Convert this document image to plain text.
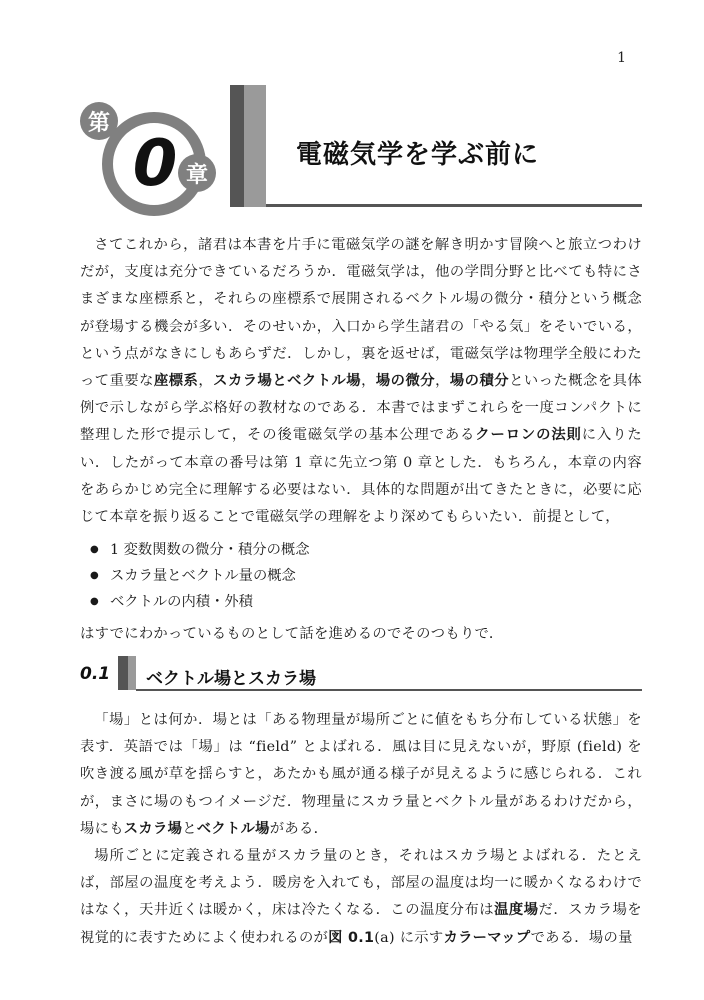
1
0
第
章
電磁気学を学ぶ前に

さてこれから，諸君は本書を片手に電磁気学の謎を解き明かす冒険へと旅立つわけだが，支度は充分できているだろうか．電磁気学は，他の学問分野と比べても特にさまざまな座標系と，それらの座標系で展開されるベクトル場の微分・積分という概念が登場する機会が多い．そのせいか，入口から学生諸君の「やる気」をそいでいる，という点がなきにしもあらずだ．しかし，裏を返せば，電磁気学は物理学全般にわたって重要な座標系，スカラ場とベクトル場，場の微分，場の積分といった概念を具体例で示しながら学ぶ格好の教材なのである．本書ではまずこれらを一度コンパクトに整理した形で提示して，その後電磁気学の基本公理であるクーロンの法則に入りたい．したがって本章の番号は第 1 章に先立つ第 0 章とした．もちろん，本章の内容をあらかじめ完全に理解する必要はない．具体的な問題が出てきたときに，必要に応じて本章を振り返ることで電磁気学の理解をより深めてもらいたい．前提として，

● 1 変数関数の微分・積分の概念
● スカラ量とベクトル量の概念
● ベクトルの内積・外積

はすでにわかっているものとして話を進めるのでそのつもりで．

0.1 ベクトル場とスカラ場

「場」とは何か．場とは「ある物理量が場所ごとに値をもち分布している状態」を表す．英語では「場」は “field” とよばれる．風は目に見えないが，野原 (field) を吹き渡る風が草を揺らすと，あたかも風が通る様子が見えるように感じられる．これが，まさに場のもつイメージだ．物理量にスカラ量とベクトル量があるわけだから，場にもスカラ場とベクトル場がある．

場所ごとに定義される量がスカラ量のとき，それはスカラ場とよばれる．たとえば，部屋の温度を考えよう．暖房を入れても，部屋の温度は均一に暖かくなるわけではなく，天井近くは暖かく，床は冷たくなる．この温度分布は温度場だ．スカラ場を視覚的に表すためによく使われるのが図 0.1(a) に示すカラーマップである．場の量
